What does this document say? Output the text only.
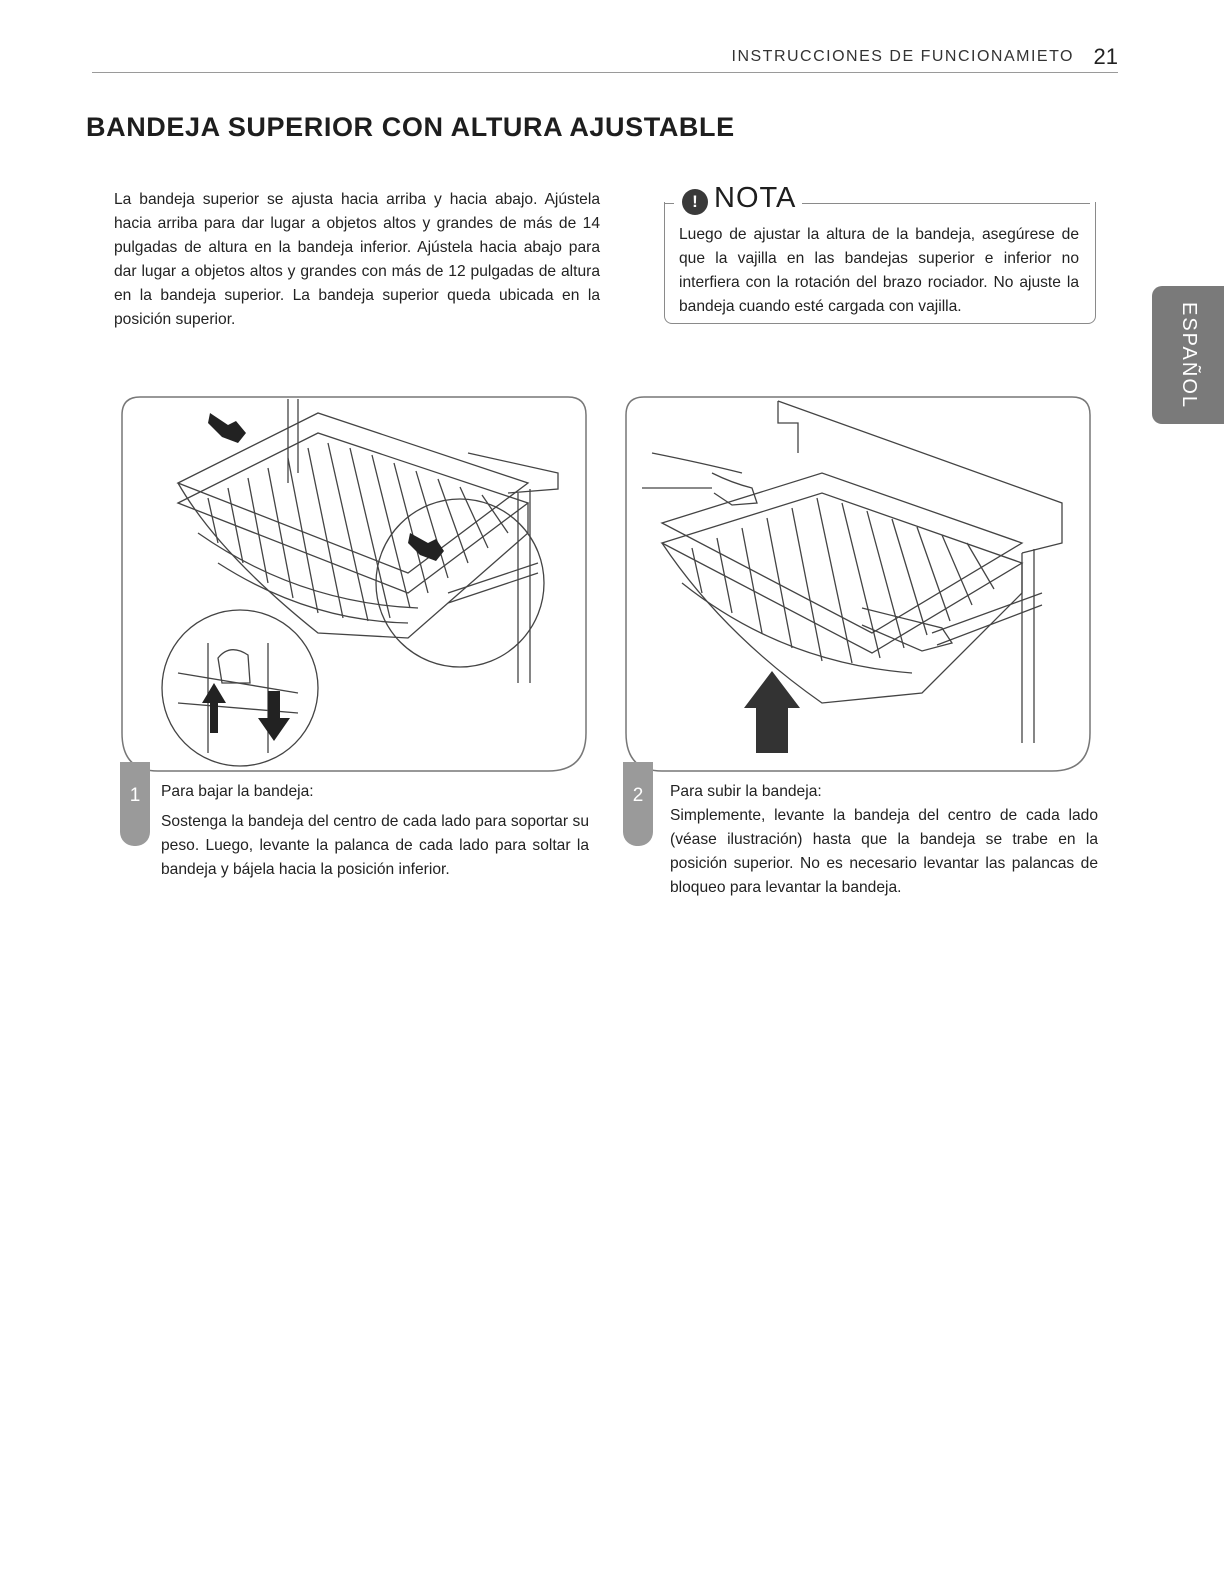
INSTRUCCIONES DE FUNCIONAMIETO 21
BANDEJA SUPERIOR CON ALTURA AJUSTABLE
La bandeja superior se ajusta hacia arriba y hacia abajo. Ajústela hacia arriba para dar lugar a objetos altos y grandes de más de 14 pulgadas de altura en la bandeja inferior. Ajústela hacia abajo para dar lugar a objetos altos y grandes con más de 12 pulgadas de altura en la bandeja superior. La bandeja superior queda ubicada en la posición superior.
! NOTA
Luego de ajustar la altura de la bandeja, asegúrese de que la vajilla en las bandejas superior e inferior no interfiera con la rotación del brazo rociador. No ajuste la bandeja cuando esté cargada con vajilla.	ESPAÑOL
1	Para bajar la bandeja:
Sostenga la bandeja del centro de cada lado para soportar su peso. Luego, levante la palanca de cada lado para soltar la bandeja y bájela hacia la posición inferior.
2	Para subir la bandeja:
Simplemente, levante la bandeja del centro de cada lado (véase ilustración) hasta que la bandeja se trabe en la posición superior. No es necesario levantar las palancas de bloqueo para levantar la bandeja.
